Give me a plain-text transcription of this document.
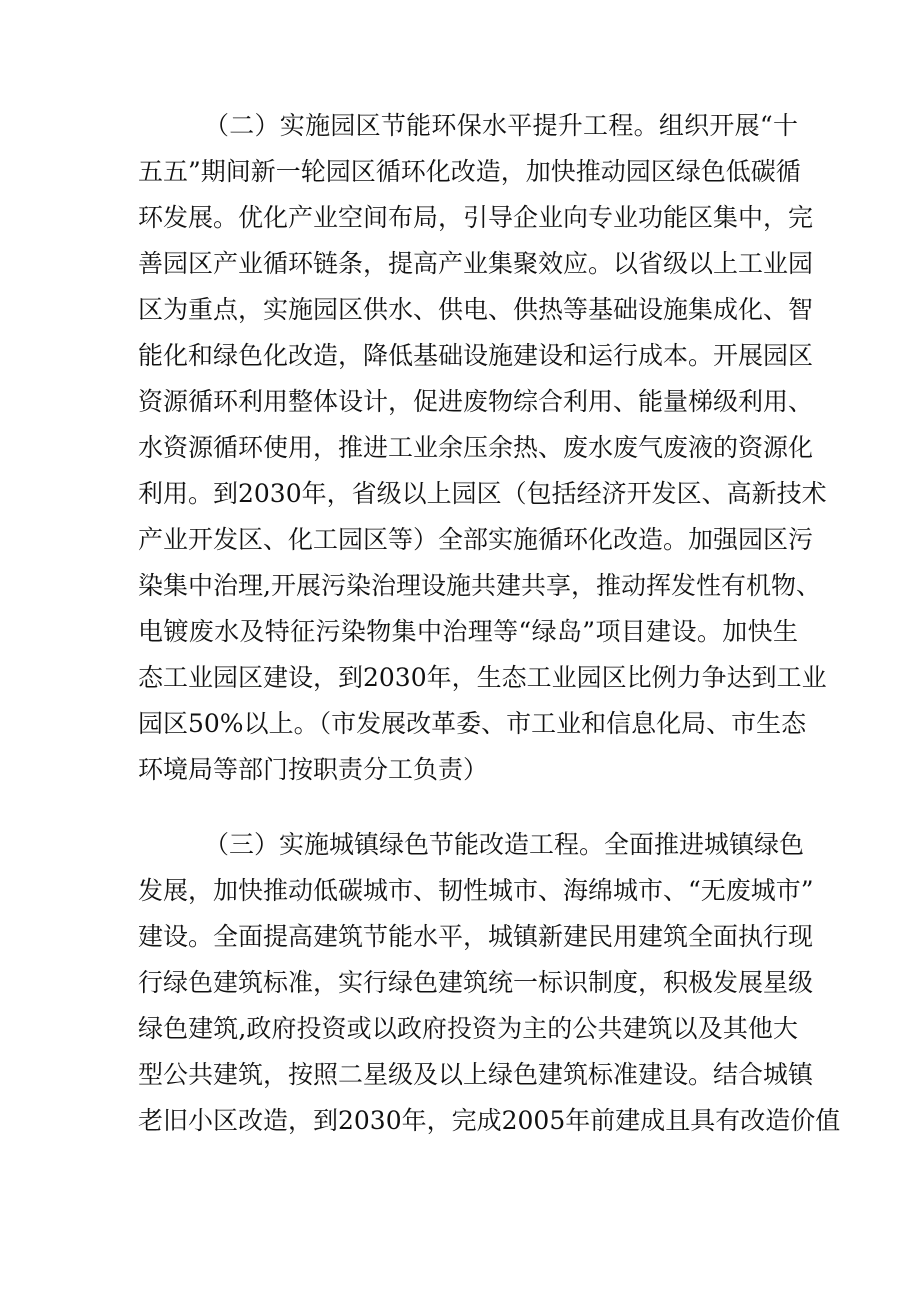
（二）实施园区节能环保水平提升工程。组织开展“十
五五”期间新一轮园区循环化改造，加快推动园区绿色低碳循
环发展。优化产业空间布局，引导企业向专业功能区集中，完
善园区产业循环链条，提高产业集聚效应。以省级以上工业园
区为重点，实施园区供水、供电、供热等基础设施集成化、智
能化和绿色化改造，降低基础设施建设和运行成本。开展园区
资源循环利用整体设计，促进废物综合利用、能量梯级利用、
水资源循环使用，推进工业余压余热、废水废气废液的资源化
利用。到2030年，省级以上园区（包括经济开发区、高新技术
产业开发区、化工园区等）全部实施循环化改造。加强园区污
染集中治理,开展污染治理设施共建共享，推动挥发性有机物、
电镀废水及特征污染物集中治理等“绿岛”项目建设。加快生
态工业园区建设，到2030年，生态工业园区比例力争达到工业
园区50%以上。（市发展改革委、市工业和信息化局、市生态
环境局等部门按职责分工负责）
（三）实施城镇绿色节能改造工程。全面推进城镇绿色
发展，加快推动低碳城市、韧性城市、海绵城市、“无废城市”
建设。全面提高建筑节能水平，城镇新建民用建筑全面执行现
行绿色建筑标准，实行绿色建筑统一标识制度，积极发展星级
绿色建筑,政府投资或以政府投资为主的公共建筑以及其他大
型公共建筑，按照二星级及以上绿色建筑标准建设。结合城镇
老旧小区改造，到2030年，完成2005年前建成且具有改造价值
